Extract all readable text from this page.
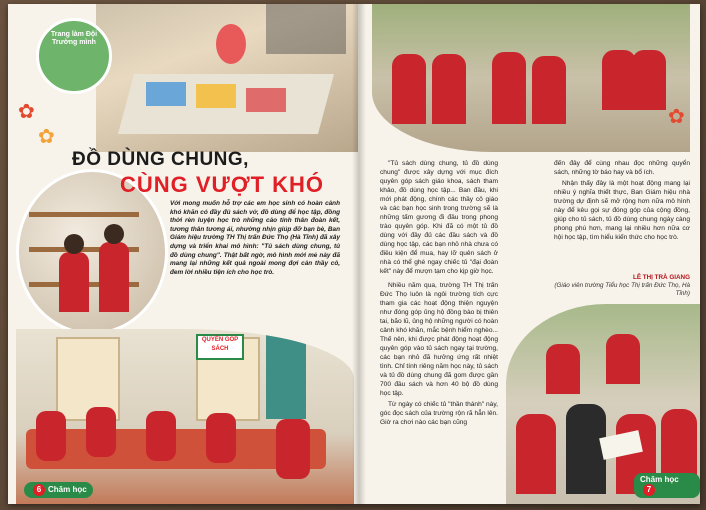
Trang làm Đội Trường mình
✿
✿
ĐỒ DÙNG CHUNG,
CÙNG VƯỢT KHÓ
Với mong muốn hỗ trợ các em học sinh có hoàn cảnh khó khăn có đầy đủ sách vở, đồ dùng để học tập, đồng thời rèn luyện học trò những cảo tính thân đoàn kết, tương thân tương ái, nhường nhịn giúp đỡ bạn bè, Ban Giám hiệu trường TH Thị trấn Đức Thọ (Hà Tĩnh) đã xây dựng và triển khai mô hình: "Tủ sách dùng chung, tủ đồ dùng chung". Thật bất ngờ, mô hình mới mẻ này đã mang lại những kết quả ngoài mong đợi cản thầy cô, đem lời nhiều tiện ích cho học trò.
QUYÊN GÓP SÁCH
6 Chăm học
✿

"Tủ sách dùng chung, tủ đồ dùng chung" được xây dựng với mục đích quyên góp sách giáo khoa, sách tham khảo, đồ dùng học tập... Ban đầu, khi mới phát động, chính các thầy cô giáo và các bạn học sinh trong trường sẽ là những tấm gương đi đầu trong phong trào quyên góp. Khi đã có một tủ đồ dùng với đầy đủ các đầu sách và đồ dùng học tập, các bạn nhỏ nhà chưa có điều kiện để mua, hay lỡ quên sách ở nhà có thể ghé ngay chiếc tủ "đại đoàn kết" này để mượn tạm cho kịp giờ học.

Nhiều năm qua, trường TH Thị trấn Đức Thọ luôn là ngôi trường tích cực tham gia các hoạt động thiện nguyện như đóng góp ủng hộ đồng bào bị thiên tai, bão lũ, ủng hộ những người có hoàn cảnh khó khăn, mắc bệnh hiểm nghèo... Thế nên, khi được phát động hoạt động quyên góp vào tủ sách ngay tại trường, các bạn nhỏ đã hưởng ứng rất nhiệt tình. Chỉ tính riêng năm học này, tủ sách và tủ đồ dùng chung đã gom được gần 700 đầu sách và hơn 40 bộ đồ dùng học tập.

Từ ngày có chiếc tủ "thần thánh" này, góc đọc sách của trường rộn rã hẳn lên. Giờ ra chơi nào các bạn cũng

đến đây để cùng nhau đọc những quyển sách, những tờ báo hay và bổ ích.

Nhận thấy đây là một hoạt động mang lại nhiều ý nghĩa thiết thực, Ban Giám hiệu nhà trường dự định sẽ mở rộng hơn nữa mô hình này để kêu gọi sự đóng góp của cộng đồng, giúp cho tủ sách, tủ đồ dùng chung ngày càng phong phú hơn, mang lại nhiều hơn nữa cơ hội học tập, tìm hiểu kiến thức cho học trò.

LÊ THỊ TRÀ GIANG
(Giáo viên trường Tiểu học Thị trấn Đức Thọ, Hà Tĩnh)
Chăm học7
